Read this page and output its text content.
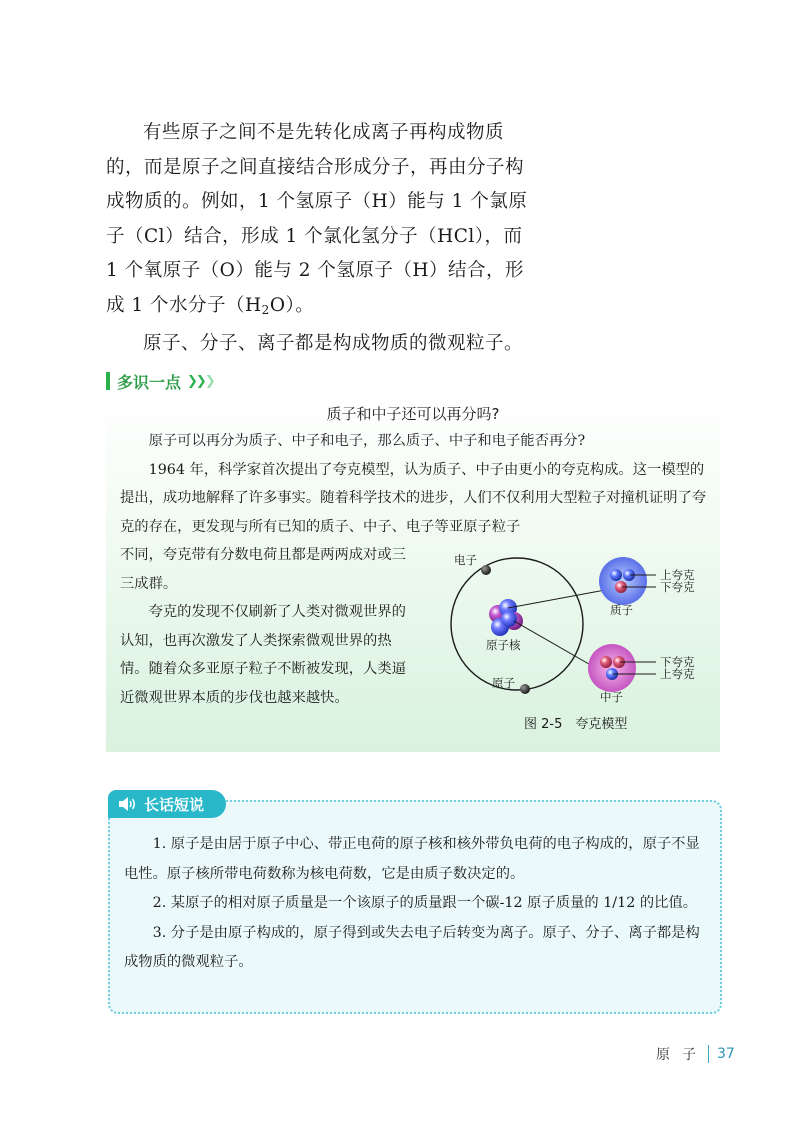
有些原子之间不是先转化成离子再构成物质的，而是原子之间直接结合形成分子，再由分子构成物质的。例如，1 个氢原子（H）能与 1 个氯原子（Cl）结合，形成 1 个氯化氢分子（HCl），而 1 个氧原子（O）能与 2 个氢原子（H）结合，形成 1 个水分子$(H_2O)$。

原子、分子、离子都是构成物质的微观粒子。

多识一点 ❯❯❯
质子和中子还可以再分吗?

原子可以再分为质子、中子和电子，那么质子、中子和电子能否再分?

1964 年，科学家首次提出了夸克模型，认为质子、中子由更小的夸克构成。这一模型的提出，成功地解释了许多事实。随着科学技术的进步，人们不仅利用大型粒子对撞机证明了夸克的存在，更发现与所有已知的质子、中子、电子等亚原子粒子

不同，夸克带有分数电荷且都是两两成对或三三成群。

夸克的发现不仅刷新了人类对微观世界的认知，也再次激发了人类探索微观世界的热情。随着众多亚原子粒子不断被发现，人类逼近微观世界本质的步伐也越来越快。

电子
原子核
原子
上夸克
下夸克
质子
下夸克
上夸克
中子
图 2-5　夸克模型
长话短说

1. 原子是由居于原子中心、带正电荷的原子核和核外带负电荷的电子构成的，原子不显电性。原子核所带电荷数称为核电荷数，它是由质子数决定的。

2. 某原子的相对原子质量是一个该原子的质量跟一个碳-12 原子质量的 1/12 的比值。

3. 分子是由原子构成的，原子得到或失去电子后转变为离子。原子、分子、离子都是构成物质的微观粒子。

原子 37
